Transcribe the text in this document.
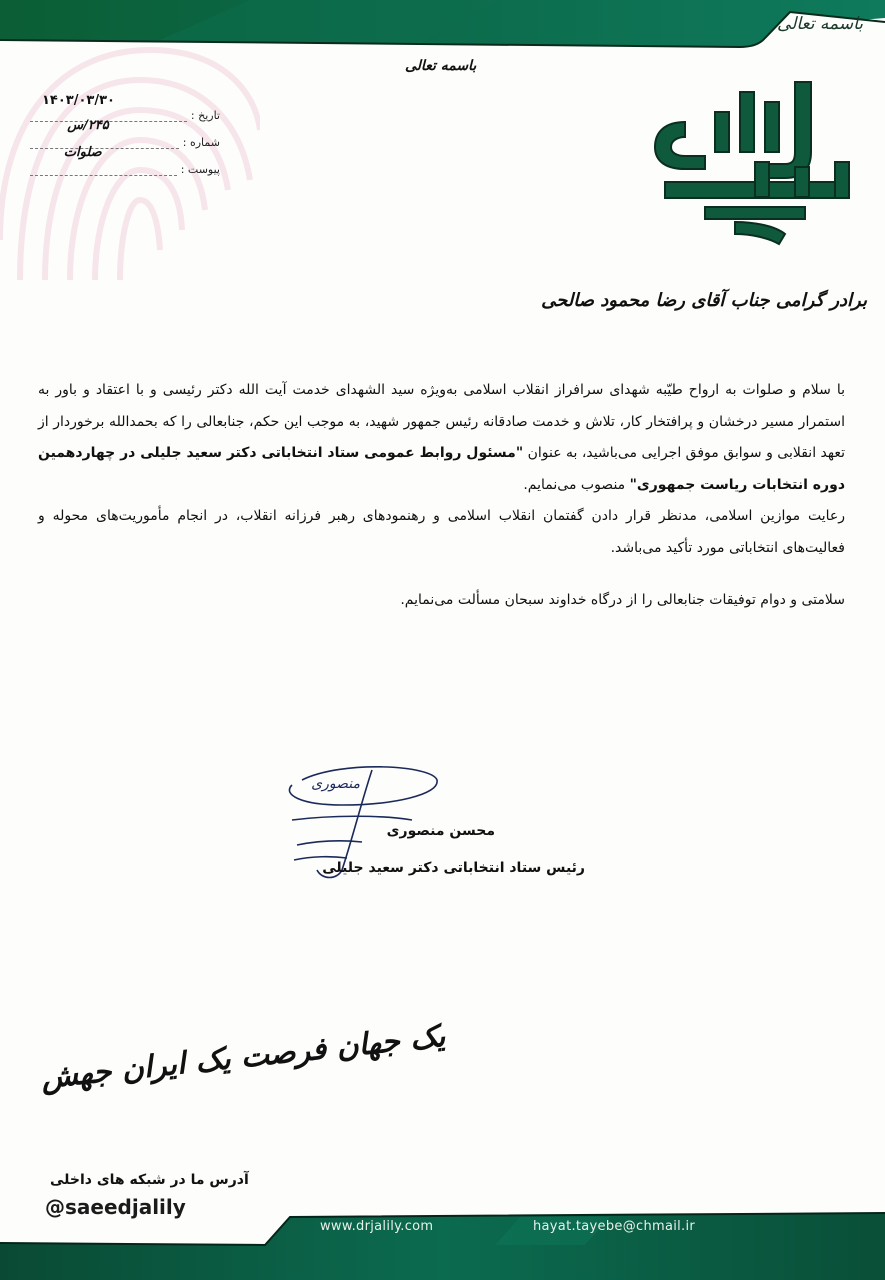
باسمه تعالی
باسمه تعالی
۱۴۰۳/۰۳/۳۰
تاریخ :
شماره :
۲۴۵/س
پیوست :
صلوات
برادر گرامی جناب آقای رضا محمود صالحی

با سلام و صلوات به ارواح طیّبه شهدای سرافراز انقلاب اسلامی به‌ویژه سید الشهدای خدمت آیت الله دکتر رئیسی و با اعتقاد و باور به استمرار مسیر درخشان و پرافتخار کار، تلاش و خدمت صادقانه رئیس جمهور شهید، به موجب این حکم، جنابعالی را که بحمدالله برخوردار از تعهد انقلابی و سوابق موفق اجرایی می‌باشید، به عنوان "مسئول روابط عمومی ستاد انتخاباتی دکتر سعید جلیلی در چهاردهمین دوره انتخابات ریاست جمهوری" منصوب می‌نمایم.

رعایت موازین اسلامی، مدنظر قرار دادن گفتمان انقلاب اسلامی و رهنمودهای رهبر فرزانه انقلاب، در انجام مأموریت‌های محوله و فعالیت‌های انتخاباتی مورد تأکید می‌باشد.

سلامتی و دوام توفیقات جنابعالی را از درگاه خداوند سبحان مسألت می‌نمایم.

منصوری
محسن منصوری
رئیس ستاد انتخاباتی دکتر سعید جلیلی
یک جهان فرصت یک ایران جهش
آدرس ما در شبکه های داخلی
@saeedjalily
www.drjalily.com	hayat.tayebe@chmail.ir
